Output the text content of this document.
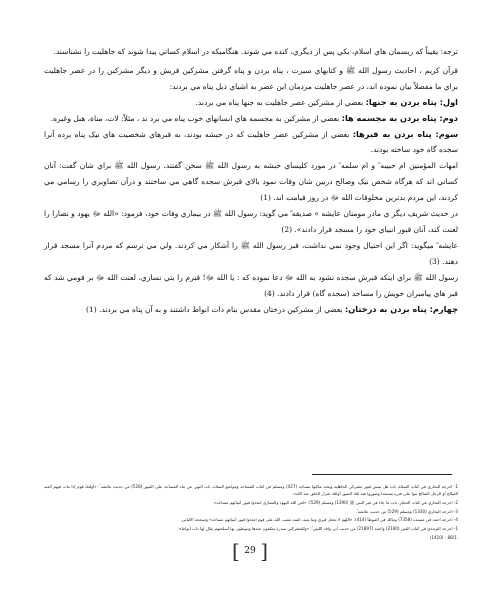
ترجه: يقيناً که ريسمان هاي اسلام، يکي پس از ديگري، کنده مي شوند. هنگاميکه در اسلام کساني پيدا شوند که جاهليت را نشناسند.

قرآن کريم ، احاديث رسول الله ﷺ و کتابهاي سيرت ، پناه بردن و پناه گرفتن مشرکين قريش و ديگر مشرکين را در عصر جاهليت براي ما مفصلاً بيان نموده اند، در عصر جاهليت مردمان اين عصر به اشياي ذيل پناه مي بردند:

اول: پناه بردن به جنها: بعضي از مشرکين عصر جاهليت به جنها پناه مي بردند.

دوم: پناه بردن به مجسمه ها: بعضي از مشرکين به مجسمه هاي انسانهاي خوب پناه مي برد ند ، مثلاً: لات، مناة، هبل وغيره.

سوم: پناه بردن به قبرها: بعضي از مشرکين عصر جاهليت که در حبشه بودند، به قبرهاي شخصيت هاي نيک پناه برده آنرا سجده گاه خود ساخته بودند.

امهات المؤمنين ام حبيبه ؓ و ام سلمه ؓ در مورد کليساي حبشه به رسول الله ﷺ سخن گفتند، رسول الله ﷺ براي شان گفت: آنان کساني اند که هرگاه شخص نيک وصالح دربين شان وفات نمود بالاي قبرش سجده گاهي مي ساختند و درآن تصاويري را رسامي مي کردند، اين مردم بدترين مخلوقات الله ﷻ در روز قيامت اند. (1)

در حديث شريف ديگر ي مادر مومنان عايشه » صديقه ؓ مي گويد: رسول الله ﷺ در بيماري وفات خود، فرمود: «الله ﷻ يهود و نصارا را لعنت کند، آنان قبور انبياي خود را مسجد قرار دادند». (2)

عايشه ؓ ميگويد: اگر اين احتيال وجود نمي نداشت، قبر رسول الله ﷺ را آشکار مي کردند. ولي مي ترسم که مردم آنرا مسجد قرار دهند. (3)

رسول الله ﷺ براي اينکه قبرش سجده نشود به الله ﷻ دعا نموده که : يا الله ﷻ! قبرم را بتي نسازي، لعنت الله ﷻ بر قومي شد که قبر هاي پيامبران خويش را مساجد (سجده گاه) قرار دادند. (4)

چهارم: پناه بردن به درختان: بعضي از مشرکين درختان مقدس بنام ذات انواط داشتند و به آن پناه مي بردند. (1)

1- اخرجه البخاري في كتاب الصلاة، باب هل تنبش قبور مشركي الجاهلية ويتخذ مكانها مساجد (427) ومسلم في كتاب المساجد ومواضع الصلاة، باب النهي عن بناء المساجد على القبور (528) من حديث عائشة ؓ: «أولئك قوم إذا مات فيهم العبد الصالح أو الرجل الصالح بنوا على قبره مسجدا وصوروا فيه تلك الصور أولئك شرار الخلق عند الله».

2- اخرجه البخاري في كتاب الجنائز، باب ما جاء في قبر النبي ﷺ (1390) ومسلم (529): «لعن الله اليهود والنصارى اتخذوا قبور أنبيائهم مساجد».

3- اخرجه البخاري (1330) ومسلم (529) من حديث عائشة ؓ.

4- اخرجه احمد في مسنده (7358) ومالك في الموطأ (414): «اللهم لا تجعل قبري وثنا يعبد، اشتد غضب الله على قوم اتخذوا قبور أنبيائهم مساجد» وصححه الالباني.

1- اخرجه الترمذي في كتاب الفتن (2180) واحمد (21897) من حديث أبي واقد الليثي ؓ: «وللمشركين سدرة يعكفون عندها وينوطون بها أسلحتهم يقال لها ذات أنواط».

.88/1 - (1410)

[ 29 ]
